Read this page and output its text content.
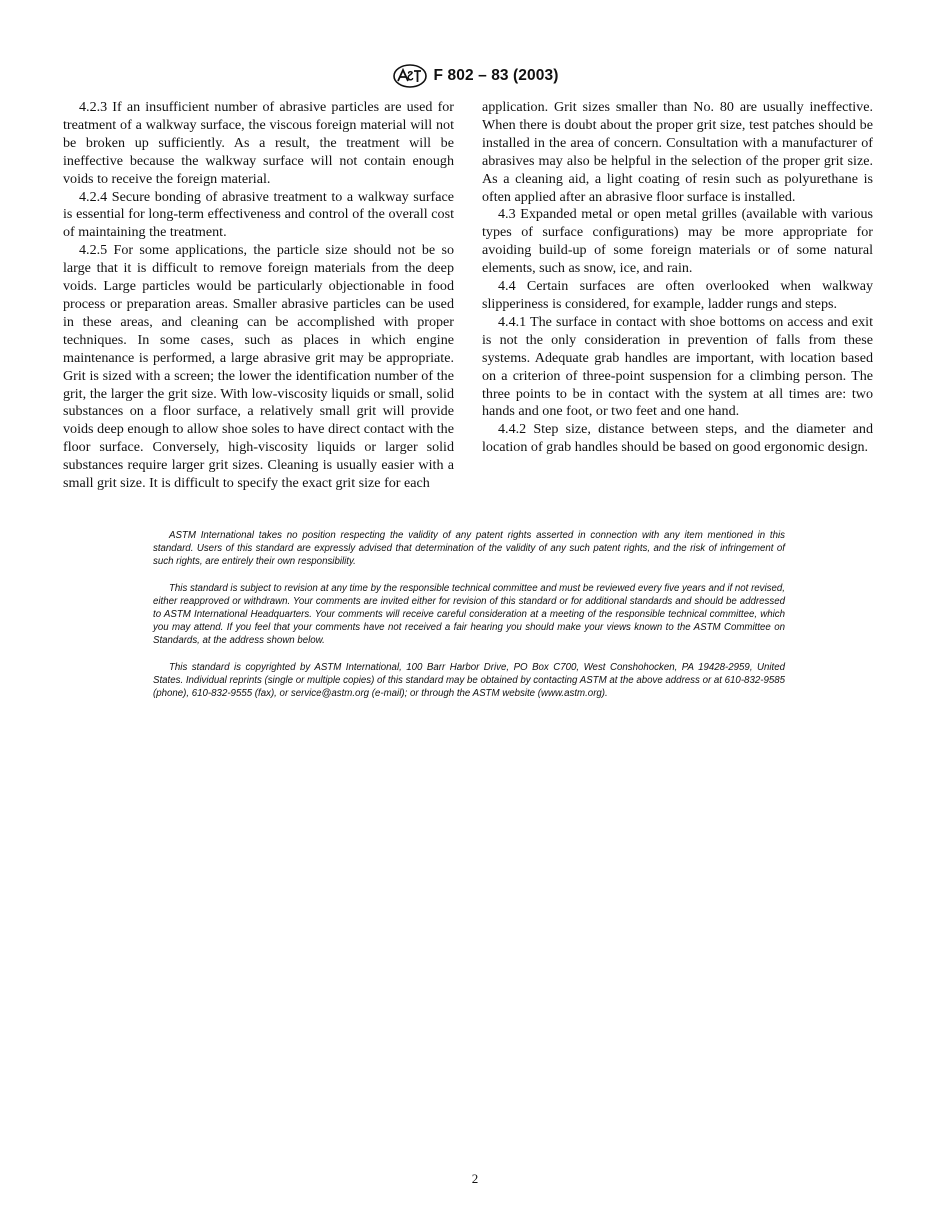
F 802 – 83 (2003)

4.2.3 If an insufficient number of abrasive particles are used for treatment of a walkway surface, the viscous foreign material will not be broken up sufficiently. As a result, the treatment will be ineffective because the walkway surface will not contain enough voids to receive the foreign material.

4.2.4 Secure bonding of abrasive treatment to a walkway surface is essential for long-term effectiveness and control of the overall cost of maintaining the treatment.

4.2.5 For some applications, the particle size should not be so large that it is difficult to remove foreign materials from the deep voids. Large particles would be particularly objectionable in food process or preparation areas. Smaller abrasive particles can be used in these areas, and cleaning can be accomplished with proper techniques. In some cases, such as places in which engine maintenance is performed, a large abrasive grit may be appropriate. Grit is sized with a screen; the lower the identification number of the grit, the larger the grit size. With low-viscosity liquids or small, solid substances on a floor surface, a relatively small grit will provide voids deep enough to allow shoe soles to have direct contact with the floor surface. Conversely, high-viscosity liquids or larger solid substances require larger grit sizes. Cleaning is usually easier with a small grit size. It is difficult to specify the exact grit size for each

application. Grit sizes smaller than No. 80 are usually ineffective. When there is doubt about the proper grit size, test patches should be installed in the area of concern. Consultation with a manufacturer of abrasives may also be helpful in the selection of the proper grit size. As a cleaning aid, a light coating of resin such as polyurethane is often applied after an abrasive floor surface is installed.

4.3 Expanded metal or open metal grilles (available with various types of surface configurations) may be more appropriate for avoiding build-up of some foreign materials or of some natural elements, such as snow, ice, and rain.

4.4 Certain surfaces are often overlooked when walkway slipperiness is considered, for example, ladder rungs and steps.

4.4.1 The surface in contact with shoe bottoms on access and exit is not the only consideration in prevention of falls from these systems. Adequate grab handles are important, with location based on a criterion of three-point suspension for a climbing person. The three points to be in contact with the system at all times are: two hands and one foot, or two feet and one hand.

4.4.2 Step size, distance between steps, and the diameter and location of grab handles should be based on good ergonomic design.

ASTM International takes no position respecting the validity of any patent rights asserted in connection with any item mentioned in this standard. Users of this standard are expressly advised that determination of the validity of any such patent rights, and the risk of infringement of such rights, are entirely their own responsibility.

This standard is subject to revision at any time by the responsible technical committee and must be reviewed every five years and if not revised, either reapproved or withdrawn. Your comments are invited either for revision of this standard or for additional standards and should be addressed to ASTM International Headquarters. Your comments will receive careful consideration at a meeting of the responsible technical committee, which you may attend. If you feel that your comments have not received a fair hearing you should make your views known to the ASTM Committee on Standards, at the address shown below.

This standard is copyrighted by ASTM International, 100 Barr Harbor Drive, PO Box C700, West Conshohocken, PA 19428-2959, United States. Individual reprints (single or multiple copies) of this standard may be obtained by contacting ASTM at the above address or at 610-832-9585 (phone), 610-832-9555 (fax), or service@astm.org (e-mail); or through the ASTM website (www.astm.org).

2
